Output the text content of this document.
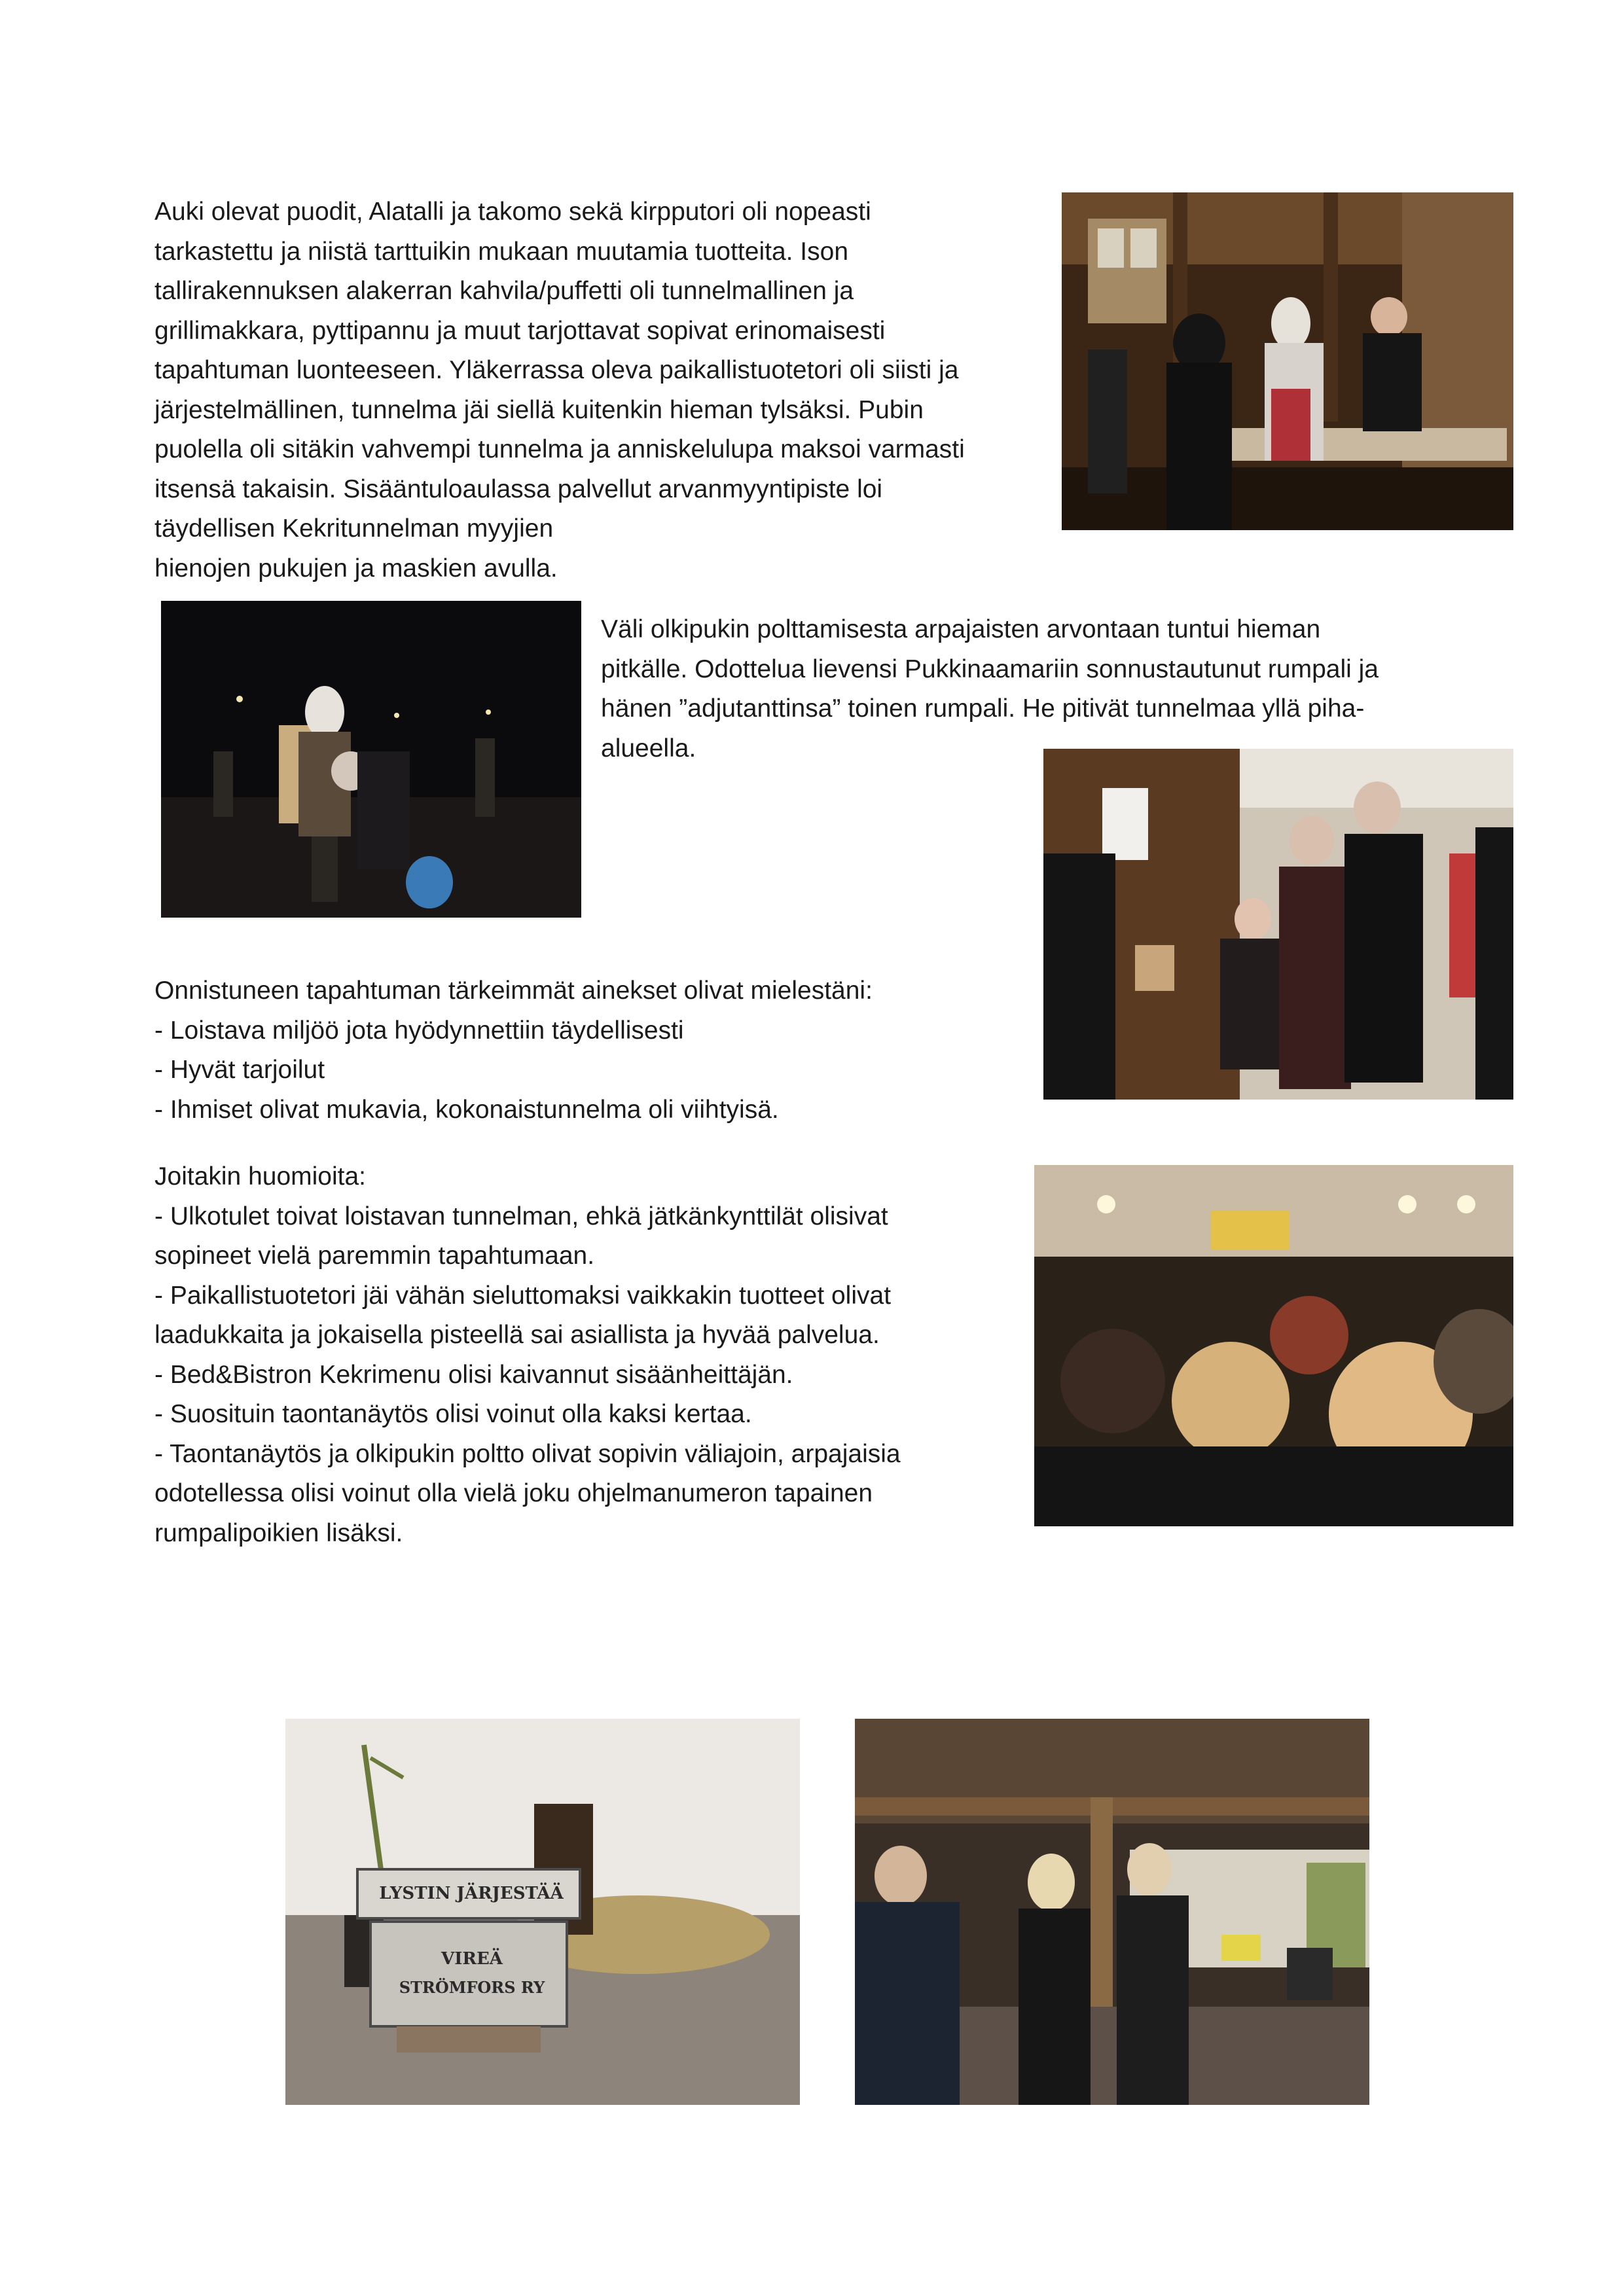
Auki olevat puodit, Alatalli ja takomo sekä kirpputori oli nopeasti

tarkastettu ja niistä tarttuikin mukaan muutamia tuotteita. Ison

tallirakennuksen alakerran kahvila/puffetti oli tunnelmallinen ja

grillimakkara, pyttipannu ja muut tarjottavat sopivat erinomaisesti

tapahtuman luonteeseen. Yläkerrassa oleva paikallistuotetori oli siisti ja

järjestelmällinen, tunnelma jäi siellä kuitenkin hieman tylsäksi. Pubin

puolella oli sitäkin vahvempi tunnelma ja anniskelulupa maksoi varmasti

itsensä takaisin. Sisääntuloaulassa palvellut arvanmyyntipiste loi

täydellisen Kekritunnelman myyjien

hienojen pukujen ja maskien avulla.

Väli olkipukin polttamisesta arpajaisten arvontaan tuntui hieman

pitkälle. Odottelua lievensi Pukkinaamariin sonnustautunut rumpali ja

hänen ”adjutanttinsa” toinen rumpali. He pitivät tunnelmaa yllä piha-

alueella.

Onnistuneen tapahtuman tärkeimmät ainekset olivat mielestäni:

- Loistava miljöö jota hyödynnettiin täydellisesti

- Hyvät tarjoilut

- Ihmiset olivat mukavia, kokonaistunnelma oli viihtyisä.

Joitakin huomioita:

- Ulkotulet toivat loistavan tunnelman, ehkä jätkänkynttilät olisivat

sopineet vielä paremmin tapahtumaan.

- Paikallistuotetori jäi vähän sieluttomaksi vaikkakin tuotteet olivat

laadukkaita ja jokaisella pisteellä sai asiallista ja hyvää palvelua.

- Bed&Bistron Kekrimenu olisi kaivannut sisäänheittäjän.

- Suosituin taontanäytös olisi voinut olla kaksi kertaa.

- Taontanäytös ja olkipukin poltto olivat sopivin väliajoin, arpajaisia

odotellessa olisi voinut olla vielä joku ohjelmanumeron tapainen

rumpalipoikien lisäksi.

LYSTIN JÄRJESTÄÄ
VIREÄ
STRÖMFORS RY
